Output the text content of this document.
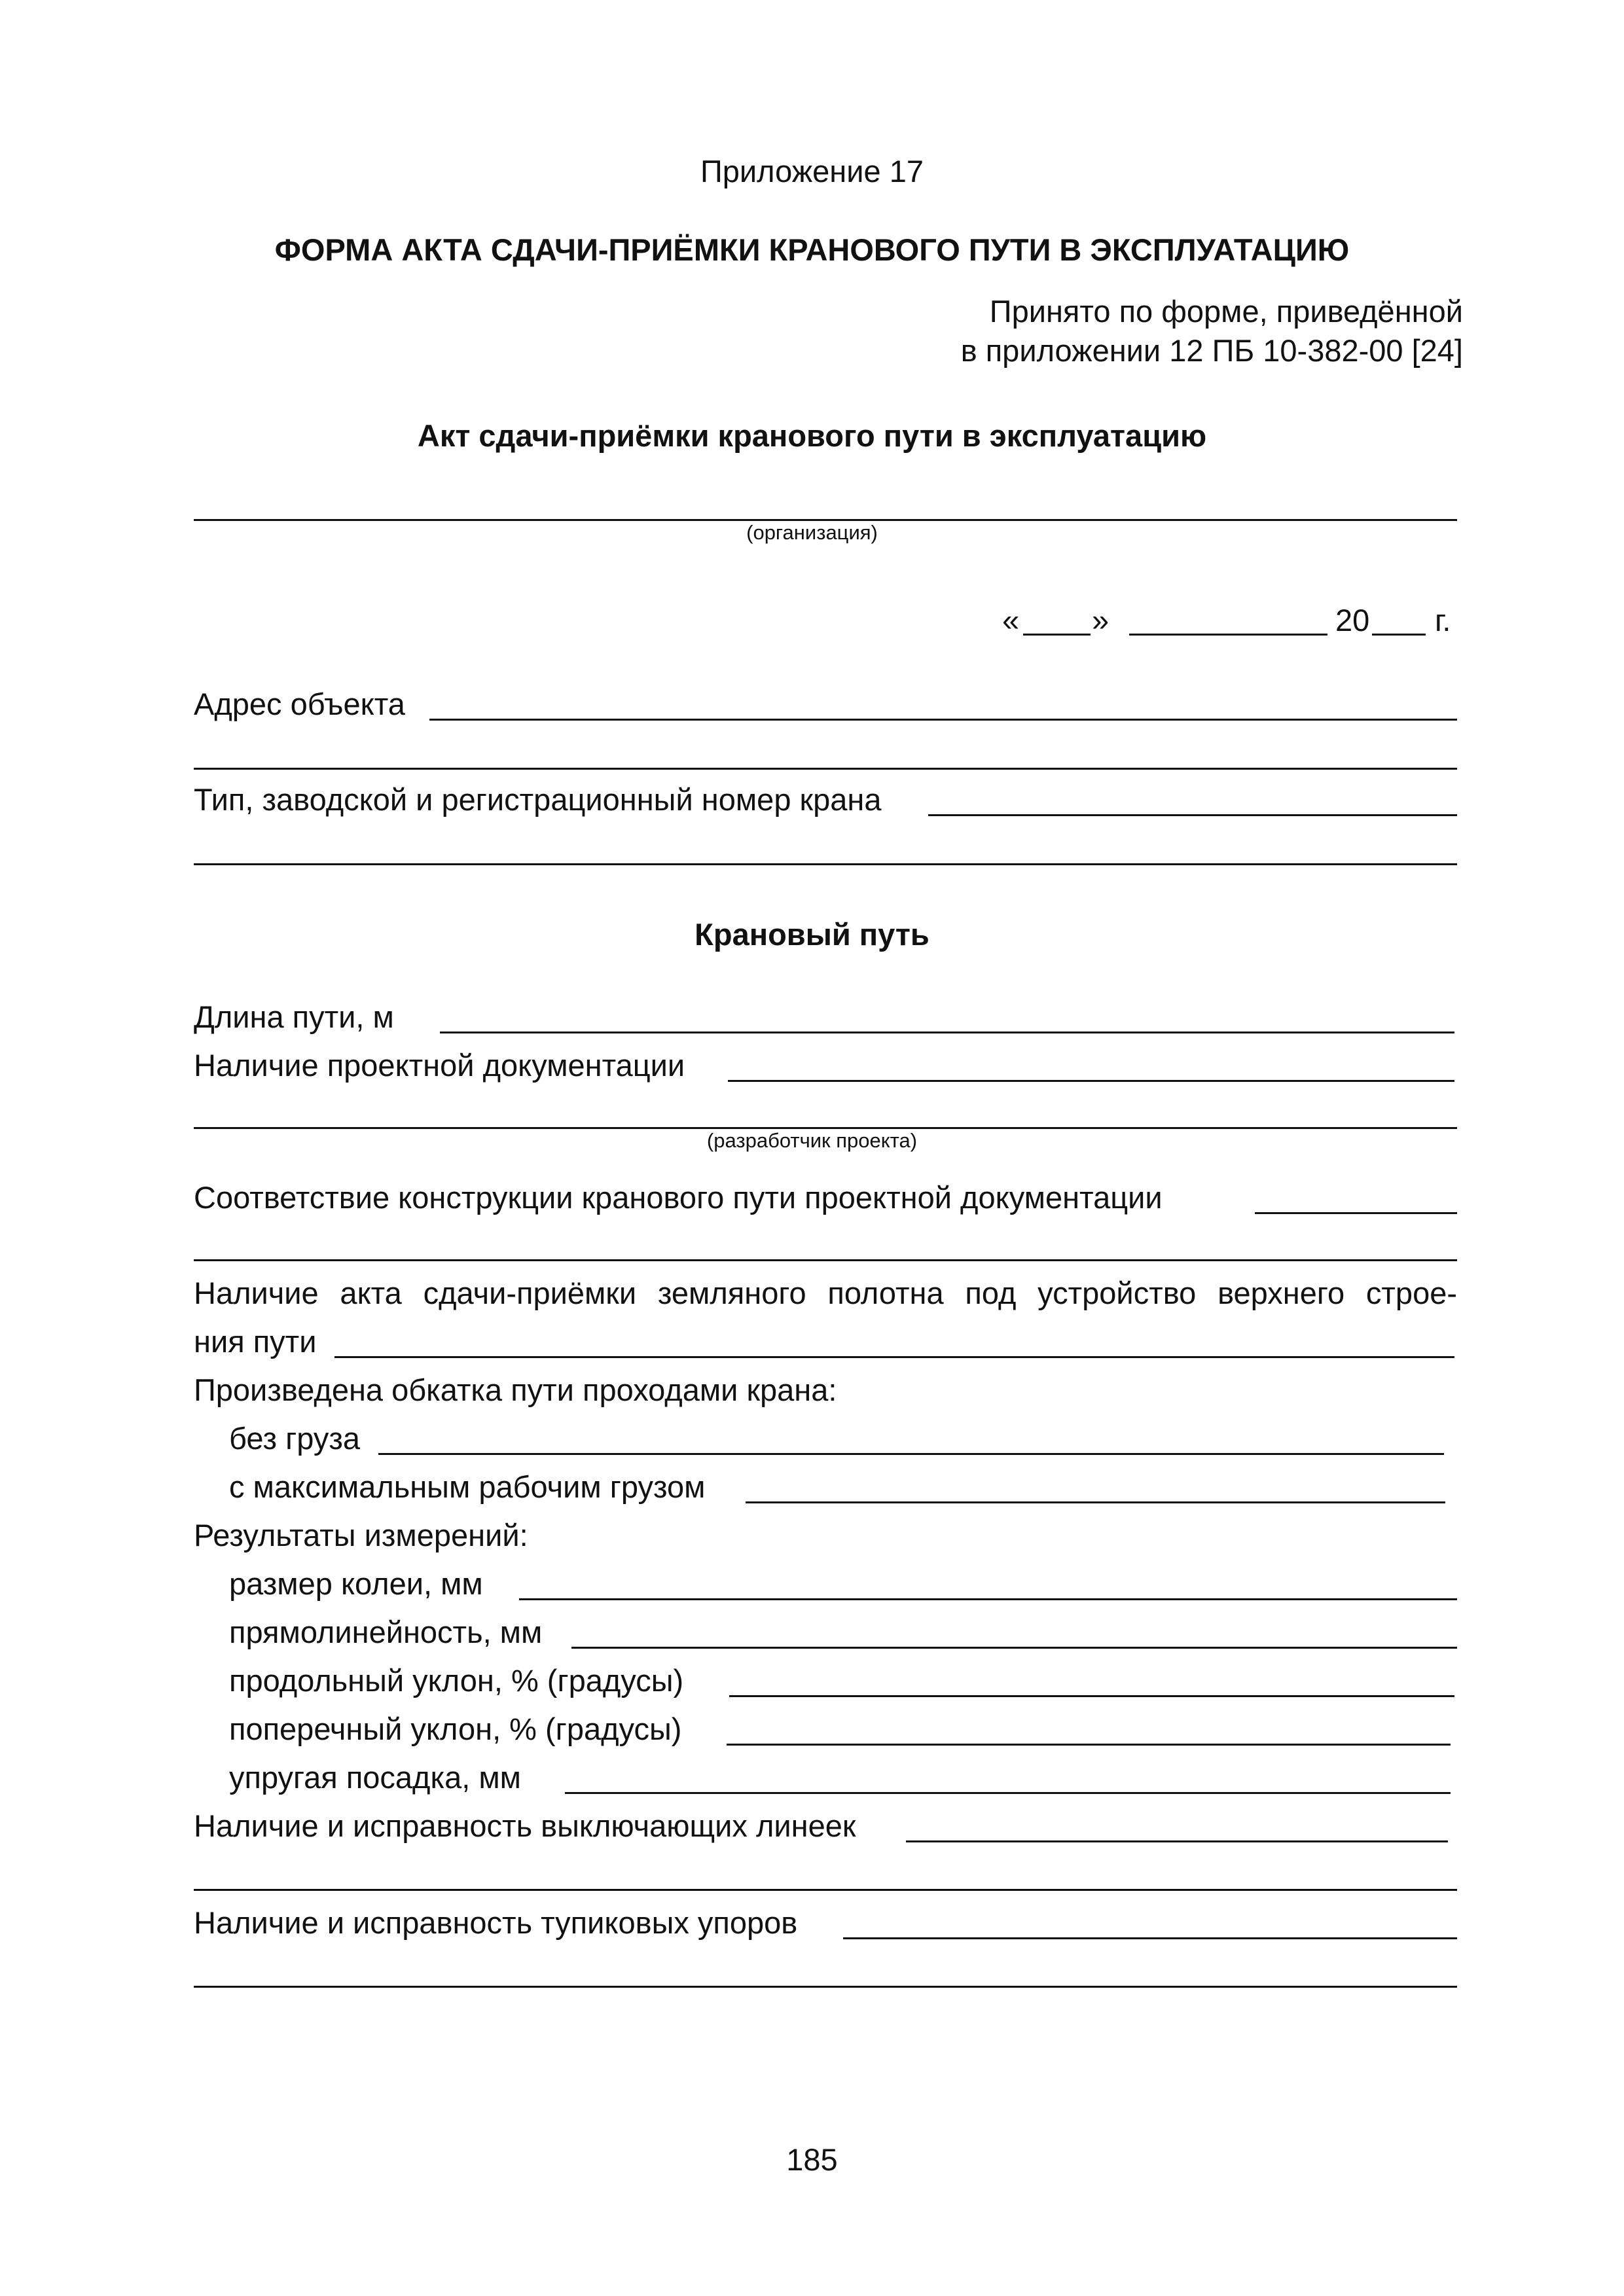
Приложение 17
ФОРМА АКТА СДАЧИ-ПРИЁМКИ КРАНОВОГО ПУТИ В ЭКСПЛУАТАЦИЮ
Принято по форме, приведённой
в приложении 12 ПБ 10-382-00 [24]
Акт сдачи-приёмки кранового пути в эксплуатацию
(организация)
« »	20 г.
Адрес объекта
Тип, заводской и регистрационный номер крана
Крановый путь
Длина пути, м
Наличие проектной документации
(разработчик проекта)
Соответствие конструкции кранового пути проектной документации
Наличие акта сдачи-приёмки земляного полотна под устройство верхнего строе-
ния пути
Произведена обкатка пути проходами крана:
без груза
с максимальным рабочим грузом
Результаты измерений:
размер колеи, мм
прямолинейность, мм
продольный уклон, % (градусы)
поперечный уклон, % (градусы)
упругая посадка, мм
Наличие и исправность выключающих линеек
Наличие и исправность тупиковых упоров
185
